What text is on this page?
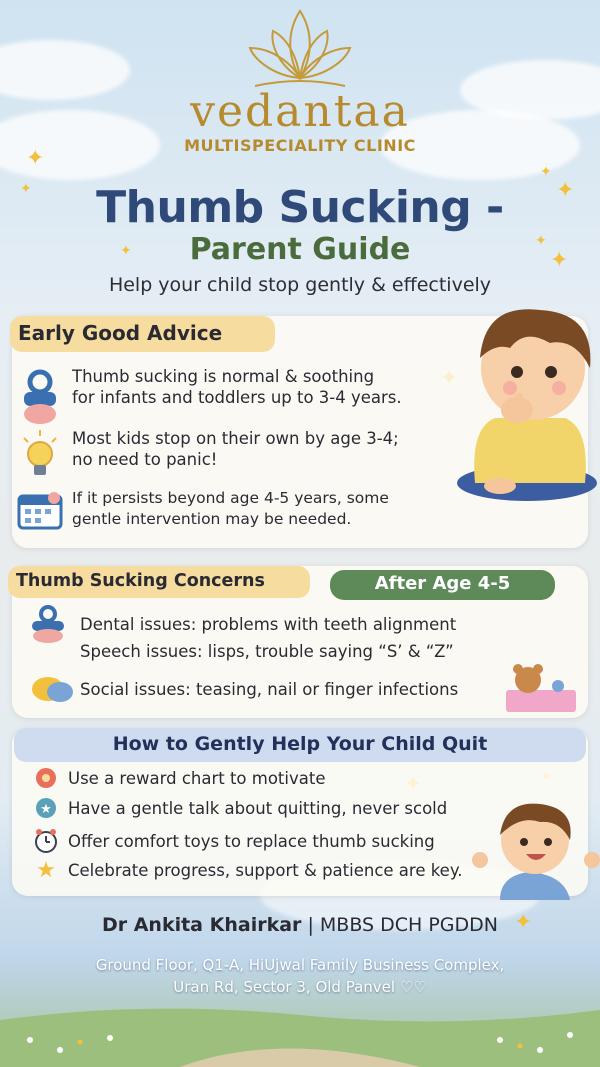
✦
✦	✦
✦
✦
✦
✦
✦
vedantaa
MULTISPECIALITY CLINIC
Thumb Sucking -
Parent Guide
Help your child stop gently & effectively
Early Good Advice
Thumb sucking is normal & soothing
for infants and toddlers up to 3-4 years.
Most kids stop on their own by age 3-4;
no need to panic!
If it persists beyond age 4-5 years, some
gentle intervention may be needed.
Thumb Sucking Concerns	After Age 4-5
Dental issues: problems with teeth alignment
Speech issues: lisps, trouble saying “S’ & “Z”
Social issues: teasing, nail or finger infections
How to Gently Help Your Child Quit
Use a reward chart to motivate
★ Have a gentle talk about quitting, never scold
Offer comfort toys to replace thumb sucking
★ Celebrate progress, support & patience are key.
Dr Ankita Khairkar | MBBS DCH PGDDN
Ground Floor, Q1-A, HiUjwal Family Business Complex,
Uran Rd, Sector 3, Old Panvel ♡♡
